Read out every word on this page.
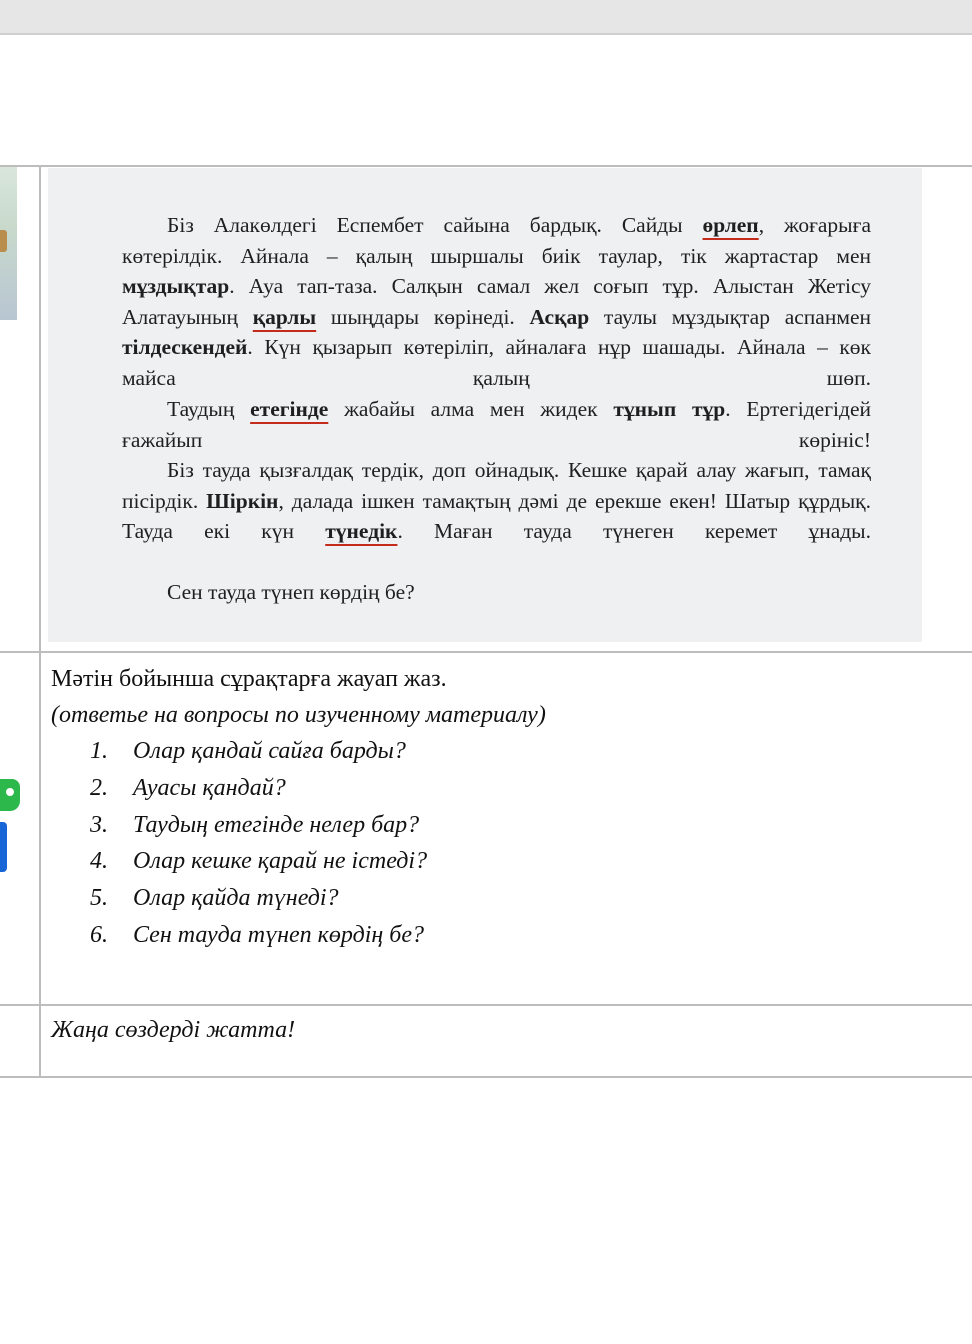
Біз Алакөлдегі Еспембет сайына бардық. Сайды өрлеп, жоғарыға көтерілдік. Айнала – қалың шыршалы биік таулар, тік жартастар мен мұздықтар. Ауа тап-таза. Салқын самал жел соғып тұр. Алыстан Жетісу Алатауының қарлы шыңдары көрінеді. Асқар таулы мұздықтар аспанмен тілдескендей. Күн қызарып көтеріліп, айналаға нұр шашады. Айнала – көк майса қалың шөп.
Таудың етегінде жабайы алма мен жидек тұнып тұр. Ертегідегідей ғажайып көрініс!
Біз тауда қызғалдақ тердік, доп ойнадық. Кешке қарай алау жағып, тамақ пісірдік. Шіркін, далада ішкен тамақтың дәмі де ерекше екен! Шатыр құрдық. Тауда екі күн түнедік. Маған тауда түнеген керемет ұнады.
Сен тауда түнеп көрдің бе?
Мәтін бойынша сұрақтарға жауап жаз.
(ответье на вопросы по изученному материалу)
1.	Олар қандай сайға барды?
2.	Ауасы қандай?
3.	Таудың етегінде нелер бар?
4.	Олар кешке қарай не істеді?
5.	Олар қайда түнеді?
6.	Сен тауда түнеп көрдің бе?
Жаңа сөздерді жатта!
